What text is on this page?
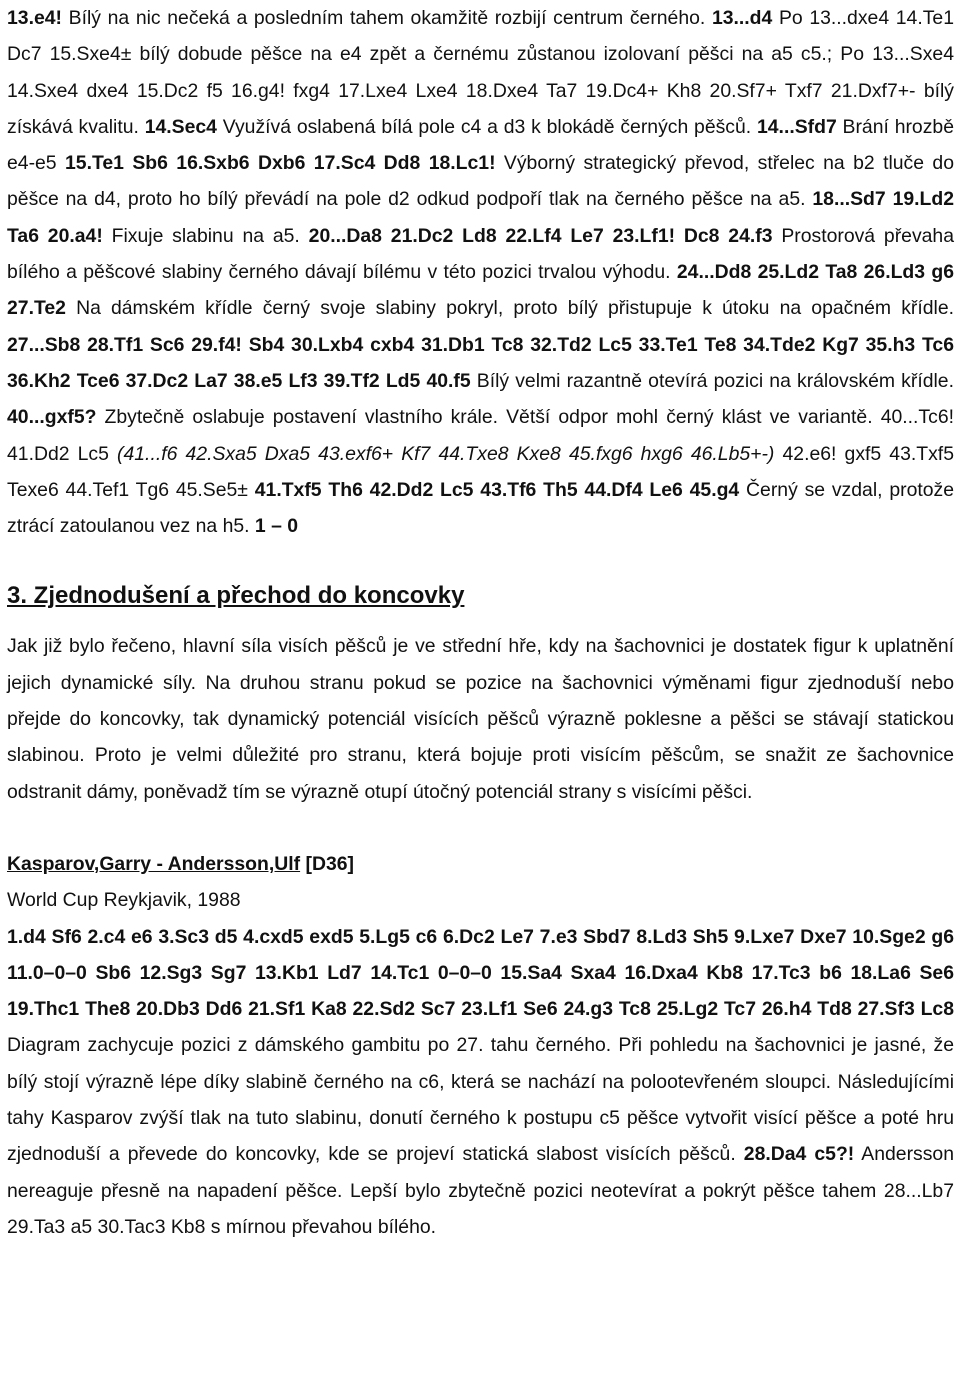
13.e4! Bílý na nic nečeká a posledním tahem okamžitě rozbijí centrum černého. 13...d4 Po 13...dxe4 14.Te1 Dc7 15.Sxe4± bílý dobude pěšce na e4 zpět a černému zůstanou izolovaní pěšci na a5 c5.; Po 13...Sxe4 14.Sxe4 dxe4 15.Dc2 f5 16.g4! fxg4 17.Lxe4 Lxe4 18.Dxe4 Ta7 19.Dc4+ Kh8 20.Sf7+ Txf7 21.Dxf7+- bílý získává kvalitu. 14.Sec4 Využívá oslabená bílá pole c4 a d3 k blokádě černých pěšců. 14...Sfd7 Brání hrozbě e4-e5 15.Te1 Sb6 16.Sxb6 Dxb6 17.Sc4 Dd8 18.Lc1! Výborný strategický převod, střelec na b2 tluče do pěšce na d4, proto ho bílý převádí na pole d2 odkud podpoří tlak na černého pěšce na a5. 18...Sd7 19.Ld2 Ta6 20.a4! Fixuje slabinu na a5. 20...Da8 21.Dc2 Ld8 22.Lf4 Le7 23.Lf1! Dc8 24.f3 Prostorová převaha bílého a pěšcové slabiny černého dávají bílému v této pozici trvalou výhodu. 24...Dd8 25.Ld2 Ta8 26.Ld3 g6 27.Te2 Na dámském křídle černý svoje slabiny pokryl, proto bílý přistupuje k útoku na opačném křídle. 27...Sb8 28.Tf1 Sc6 29.f4! Sb4 30.Lxb4 cxb4 31.Db1 Tc8 32.Td2 Lc5 33.Te1 Te8 34.Tde2 Kg7 35.h3 Tc6 36.Kh2 Tce6 37.Dc2 La7 38.e5 Lf3 39.Tf2 Ld5 40.f5 Bílý velmi razantně otevírá pozici na královském křídle. 40...gxf5? Zbytečně oslabuje postavení vlastního krále. Větší odpor mohl černý klást ve variantě. 40...Tc6! 41.Dd2 Lc5 (41...f6 42.Sxa5 Dxa5 43.exf6+ Kf7 44.Txe8 Kxe8 45.fxg6 hxg6 46.Lb5+-) 42.e6! gxf5 43.Txf5 Texe6 44.Tef1 Tg6 45.Se5± 41.Txf5 Th6 42.Dd2 Lc5 43.Tf6 Th5 44.Df4 Le6 45.g4 Černý se vzdal, protože ztrácí zatoulanou vez na h5. 1 – 0

3. Zjednodušení a přechod do koncovky

Jak již bylo řečeno, hlavní síla visích pěšců je ve střední hře, kdy na šachovnici je dostatek figur k uplatnění jejich dynamické síly. Na druhou stranu pokud se pozice na šachovnici výměnami figur zjednoduší nebo přejde do koncovky, tak dynamický potenciál visících pěšců výrazně poklesne a pěšci se stávají statickou slabinou. Proto je velmi důležité pro stranu, která bojuje proti visícím pěšcům, se snažit ze šachovnice odstranit dámy, poněvadž tím se výrazně otupí útočný potenciál strany s visícími pěšci.

Kasparov,Garry - Andersson,Ulf [D36]

World Cup Reykjavik, 1988

1.d4 Sf6 2.c4 e6 3.Sc3 d5 4.cxd5 exd5 5.Lg5 c6 6.Dc2 Le7 7.e3 Sbd7 8.Ld3 Sh5 9.Lxe7 Dxe7 10.Sge2 g6 11.0–0–0 Sb6 12.Sg3 Sg7 13.Kb1 Ld7 14.Tc1 0–0–0 15.Sa4 Sxa4 16.Dxa4 Kb8 17.Tc3 b6 18.La6 Se6 19.Thc1 The8 20.Db3 Dd6 21.Sf1 Ka8 22.Sd2 Sc7 23.Lf1 Se6 24.g3 Tc8 25.Lg2 Tc7 26.h4 Td8 27.Sf3 Lc8 Diagram zachycuje pozici z dámského gambitu po 27. tahu černého. Při pohledu na šachovnici je jasné, že bílý stojí výrazně lépe díky slabině černého na c6, která se nachází na polootevřeném sloupci. Následujícími tahy Kasparov zvýší tlak na tuto slabinu, donutí černého k postupu c5 pěšce vytvořit visící pěšce a poté hru zjednoduší a převede do koncovky, kde se projeví statická slabost visících pěšců. 28.Da4 c5?! Andersson nereaguje přesně na napadení pěšce. Lepší bylo zbytečně pozici neotevírat a pokrýt pěšce tahem 28...Lb7 29.Ta3 a5 30.Tac3 Kb8 s mírnou převahou bílého.
